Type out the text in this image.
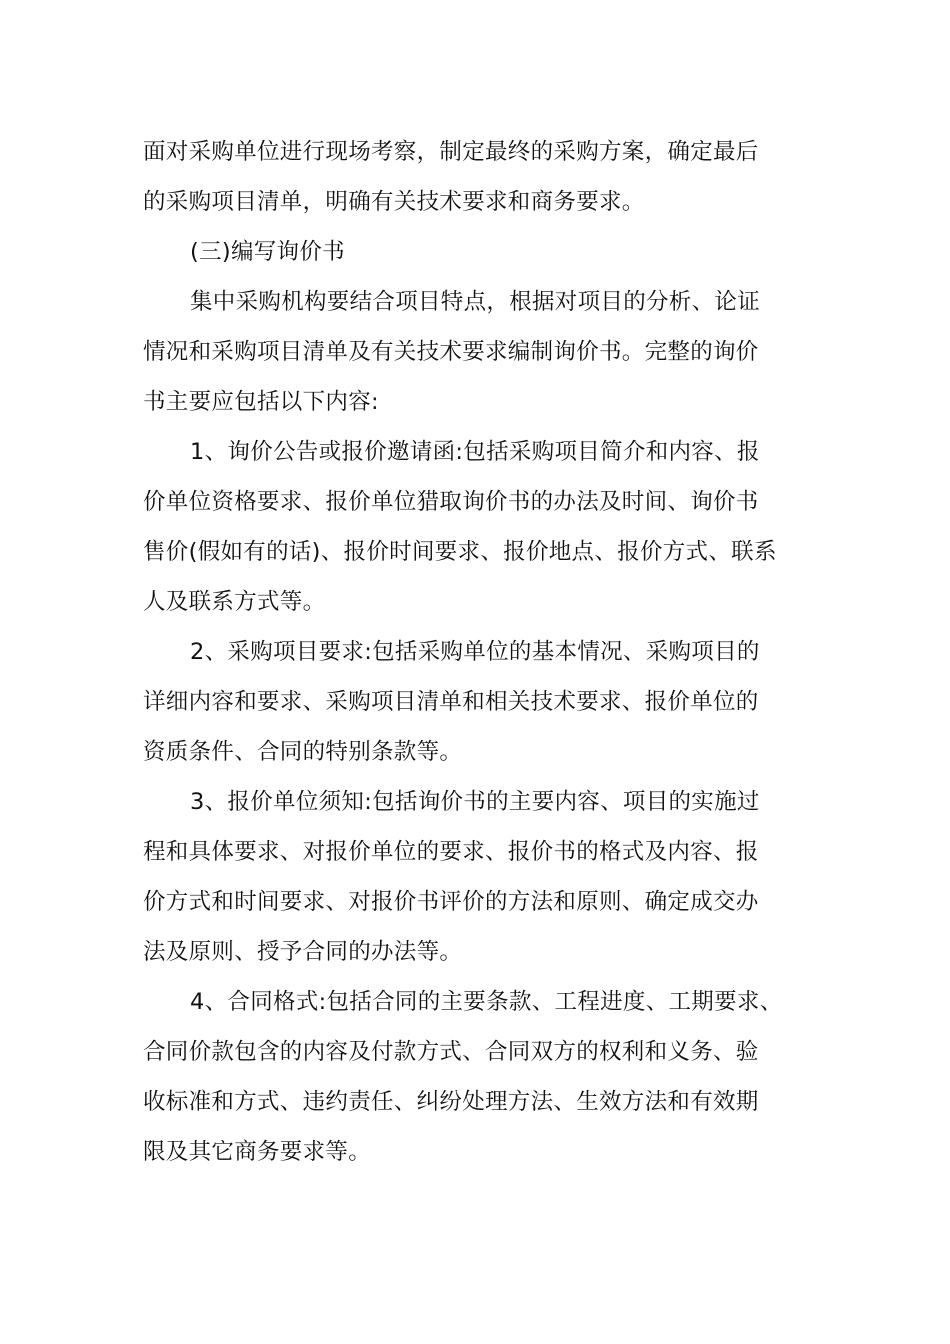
面对采购单位进行现场考察，制定最终的采购方案，确定最后
的采购项目清单，明确有关技术要求和商务要求。
(三)编写询价书
集中采购机构要结合项目特点，根据对项目的分析、论证
情况和采购项目清单及有关技术要求编制询价书。完整的询价
书主要应包括以下内容:
1、询价公告或报价邀请函:包括采购项目简介和内容、报
价单位资格要求、报价单位猎取询价书的办法及时间、询价书
售价(假如有的话)、报价时间要求、报价地点、报价方式、联系
人及联系方式等。
2、采购项目要求:包括采购单位的基本情况、采购项目的
详细内容和要求、采购项目清单和相关技术要求、报价单位的
资质条件、合同的特别条款等。
3、报价单位须知:包括询价书的主要内容、项目的实施过
程和具体要求、对报价单位的要求、报价书的格式及内容、报
价方式和时间要求、对报价书评价的方法和原则、确定成交办
法及原则、授予合同的办法等。
4、合同格式:包括合同的主要条款、工程进度、工期要求、
合同价款包含的内容及付款方式、合同双方的权利和义务、验
收标准和方式、违约责任、纠纷处理方法、生效方法和有效期
限及其它商务要求等。
